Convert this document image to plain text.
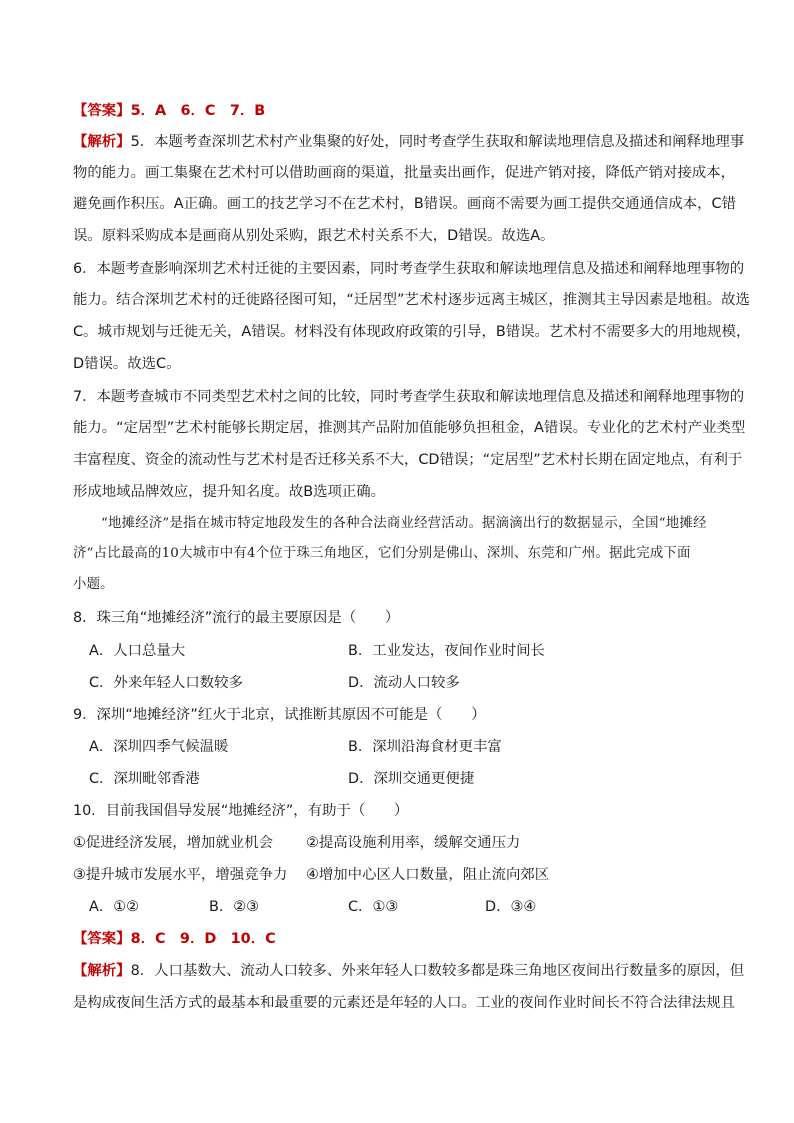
【答案】5．A　6．C　7．B
【解析】5．本题考查深圳艺术村产业集聚的好处，同时考查学生获取和解读地理信息及描述和阐释地理事
物的能力。画工集聚在艺术村可以借助画商的渠道，批量卖出画作，促进产销对接，降低产销对接成本，
避免画作积压。A正确。画工的技艺学习不在艺术村，B错误。画商不需要为画工提供交通通信成本，C错
误。原料采购成本是画商从别处采购，跟艺术村关系不大，D错误。故选A。
6．本题考查影响深圳艺术村迁徙的主要因素，同时考查学生获取和解读地理信息及描述和阐释地理事物的
能力。结合深圳艺术村的迁徙路径图可知，“迁居型”艺术村逐步远离主城区，推测其主导因素是地租。故选
C。城市规划与迁徙无关，A错误。材料没有体现政府政策的引导，B错误。艺术村不需要多大的用地规模，
D错误。故选C。
7．本题考查城市不同类型艺术村之间的比较，同时考查学生获取和解读地理信息及描述和阐释地理事物的
能力。“定居型”艺术村能够长期定居，推测其产品附加值能够负担租金，A错误。专业化的艺术村产业类型
丰富程度、资金的流动性与艺术村是否迁移关系不大，CD错误；“定居型”艺术村长期在固定地点，有利于
形成地域品牌效应，提升知名度。故B选项正确。
“地摊经济”是指在城市特定地段发生的各种合法商业经营活动。据滴滴出行的数据显示，全国“地摊经
济”占比最高的10大城市中有4个位于珠三角地区，它们分别是佛山、深圳、东莞和广州。据此完成下面
小题。
8．珠三角“地摊经济”流行的最主要原因是（　　）
A．人口总量大	B．工业发达，夜间作业时间长
C．外来年轻人口数较多	D．流动人口较多
9．深圳“地摊经济”红火于北京，试推断其原因不可能是（　　）
A．深圳四季气候温暖	B．深圳沿海食材更丰富
C．深圳毗邻香港	D．深圳交通更便捷
10．目前我国倡导发展“地摊经济”，有助于（　　）
①促进经济发展，增加就业机会 ②提高设施利用率，缓解交通压力
③提升城市发展水平，增强竞争力 ④增加中心区人口数量，阻止流向郊区
A．①②	B．②③	C．①③	D．③④
【答案】8．C　9．D　10．C
【解析】8．人口基数大、流动人口较多、外来年轻人口数较多都是珠三角地区夜间出行数量多的原因，但
是构成夜间生活方式的最基本和最重要的元素还是年轻的人口。工业的夜间作业时间长不符合法律法规且
